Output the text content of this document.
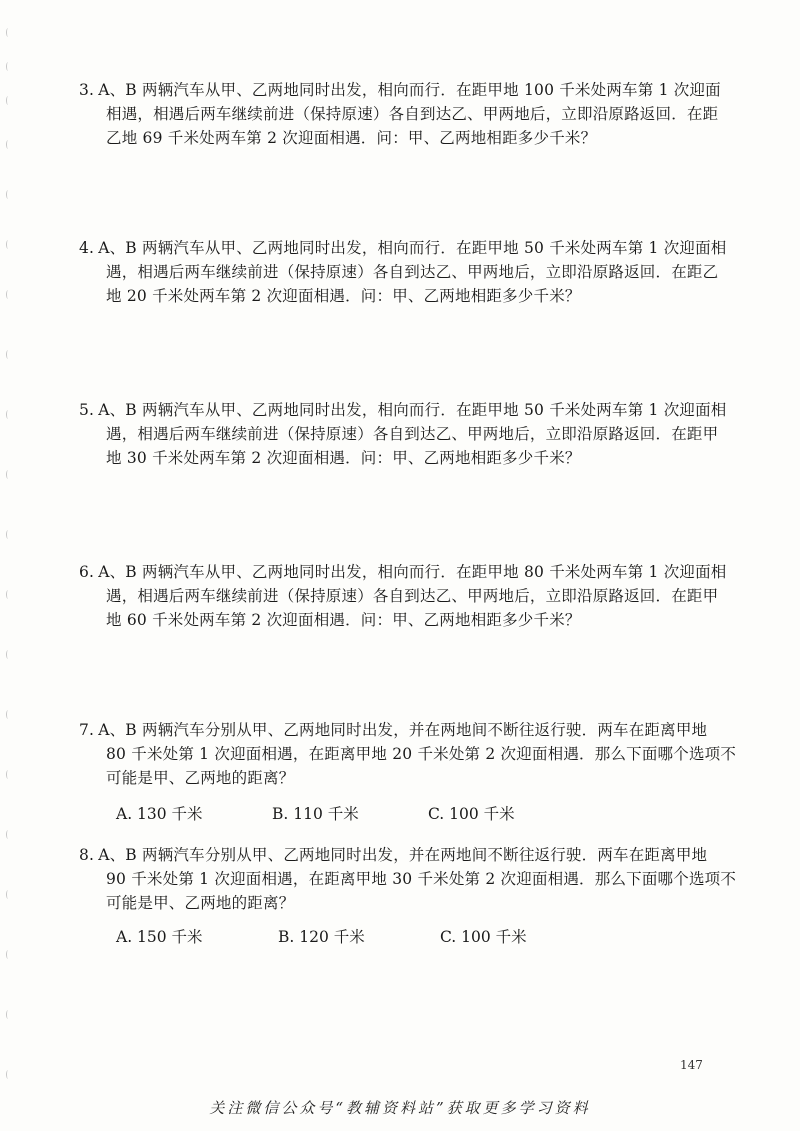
3. A、B 两辆汽车从甲、乙两地同时出发，相向而行．在距甲地 100 千米处两车第 1 次迎面
相遇，相遇后两车继续前进（保持原速）各自到达乙、甲两地后，立即沿原路返回．在距
乙地 69 千米处两车第 2 次迎面相遇．问：甲、乙两地相距多少千米？
4. A、B 两辆汽车从甲、乙两地同时出发，相向而行．在距甲地 50 千米处两车第 1 次迎面相
遇，相遇后两车继续前进（保持原速）各自到达乙、甲两地后，立即沿原路返回．在距乙
地 20 千米处两车第 2 次迎面相遇．问：甲、乙两地相距多少千米？
5. A、B 两辆汽车从甲、乙两地同时出发，相向而行．在距甲地 50 千米处两车第 1 次迎面相
遇，相遇后两车继续前进（保持原速）各自到达乙、甲两地后，立即沿原路返回．在距甲
地 30 千米处两车第 2 次迎面相遇．问：甲、乙两地相距多少千米？
6. A、B 两辆汽车从甲、乙两地同时出发，相向而行．在距甲地 80 千米处两车第 1 次迎面相
遇，相遇后两车继续前进（保持原速）各自到达乙、甲两地后，立即沿原路返回．在距甲
地 60 千米处两车第 2 次迎面相遇．问：甲、乙两地相距多少千米？
7. A、B 两辆汽车分别从甲、乙两地同时出发，并在两地间不断往返行驶．两车在距离甲地
80 千米处第 1 次迎面相遇，在距离甲地 20 千米处第 2 次迎面相遇．那么下面哪个选项不
可能是甲、乙两地的距离？
A. 130 千米	B. 110 千米	C. 100 千米
8. A、B 两辆汽车分别从甲、乙两地同时出发，并在两地间不断往返行驶．两车在距离甲地
90 千米处第 1 次迎面相遇，在距离甲地 30 千米处第 2 次迎面相遇．那么下面哪个选项不
可能是甲、乙两地的距离？
A. 150 千米	B. 120 千米	C. 100 千米
147
关注微信公众号“教辅资料站”获取更多学习资料
